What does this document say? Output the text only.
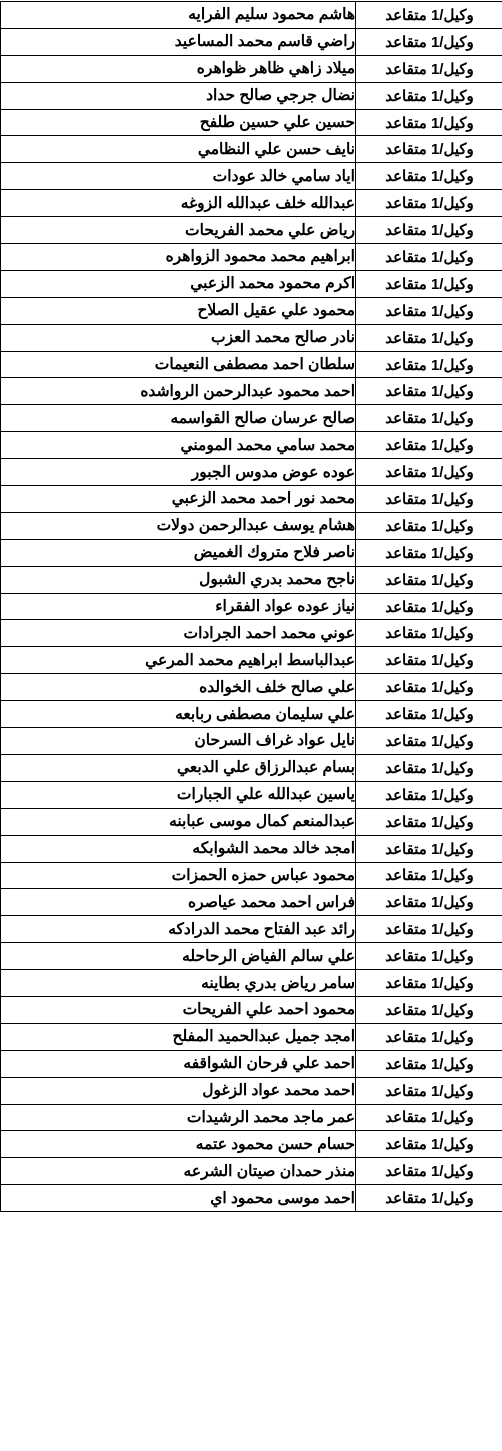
وكيل/1 متقاعد	هاشم محمود سليم الفرايه
وكيل/1 متقاعد	راضي قاسم محمد المساعيد
وكيل/1 متقاعد	ميلاد زاهي ظاهر ظواهره
وكيل/1 متقاعد	نضال جرجي صالح حداد
وكيل/1 متقاعد	حسين علي حسين طلفح
وكيل/1 متقاعد	نايف حسن علي النظامي
وكيل/1 متقاعد	اياد سامي خالد عودات
وكيل/1 متقاعد	عبدالله خلف عبدالله الزوغه
وكيل/1 متقاعد	رياض علي محمد الفريحات
وكيل/1 متقاعد	ابراهيم محمد محمود الزواهره
وكيل/1 متقاعد	اكرم محمود محمد الزعبي
وكيل/1 متقاعد	محمود علي عقيل الصلاح
وكيل/1 متقاعد	نادر صالح محمد العزب
وكيل/1 متقاعد	سلطان احمد مصطفى النعيمات
وكيل/1 متقاعد	احمد محمود عبدالرحمن الرواشده
وكيل/1 متقاعد	صالح عرسان صالح القواسمه
وكيل/1 متقاعد	محمد سامي محمد المومني
وكيل/1 متقاعد	عوده عوض مدوس الجبور
وكيل/1 متقاعد	محمد نور احمد محمد الزعبي
وكيل/1 متقاعد	هشام يوسف عبدالرحمن دولات
وكيل/1 متقاعد	ناصر فلاح متروك الغميض
وكيل/1 متقاعد	ناجح محمد بدري الشبول
وكيل/1 متقاعد	نياز عوده عواد الفقراء
وكيل/1 متقاعد	عوني محمد احمد الجرادات
وكيل/1 متقاعد	عبدالباسط ابراهيم محمد المرعي
وكيل/1 متقاعد	علي صالح خلف الخوالده
وكيل/1 متقاعد	علي سليمان مصطفى ربابعه
وكيل/1 متقاعد	نايل عواد غراف السرحان
وكيل/1 متقاعد	بسام عبدالرزاق علي الدبعي
وكيل/1 متقاعد	ياسين عبدالله علي الجبارات
وكيل/1 متقاعد	عبدالمنعم كمال موسى عبابنه
وكيل/1 متقاعد	امجد خالد محمد الشوابكه
وكيل/1 متقاعد	محمود عباس حمزه الحمزات
وكيل/1 متقاعد	فراس احمد محمد عياصره
وكيل/1 متقاعد	رائد عبد الفتاح محمد الدرادكه
وكيل/1 متقاعد	علي سالم الفياض الرحاحله
وكيل/1 متقاعد	سامر رياض بدري بطاينه
وكيل/1 متقاعد	محمود احمد علي الفريحات
وكيل/1 متقاعد	امجد جميل عبدالحميد المفلح
وكيل/1 متقاعد	احمد علي فرحان الشواقفه
وكيل/1 متقاعد	احمد محمد عواد الزغول
وكيل/1 متقاعد	عمر ماجد محمد الرشيدات
وكيل/1 متقاعد	حسام حسن محمود عتمه
وكيل/1 متقاعد	منذر حمدان صيتان الشرعه
وكيل/1 متقاعد	احمد موسى محمود اي
